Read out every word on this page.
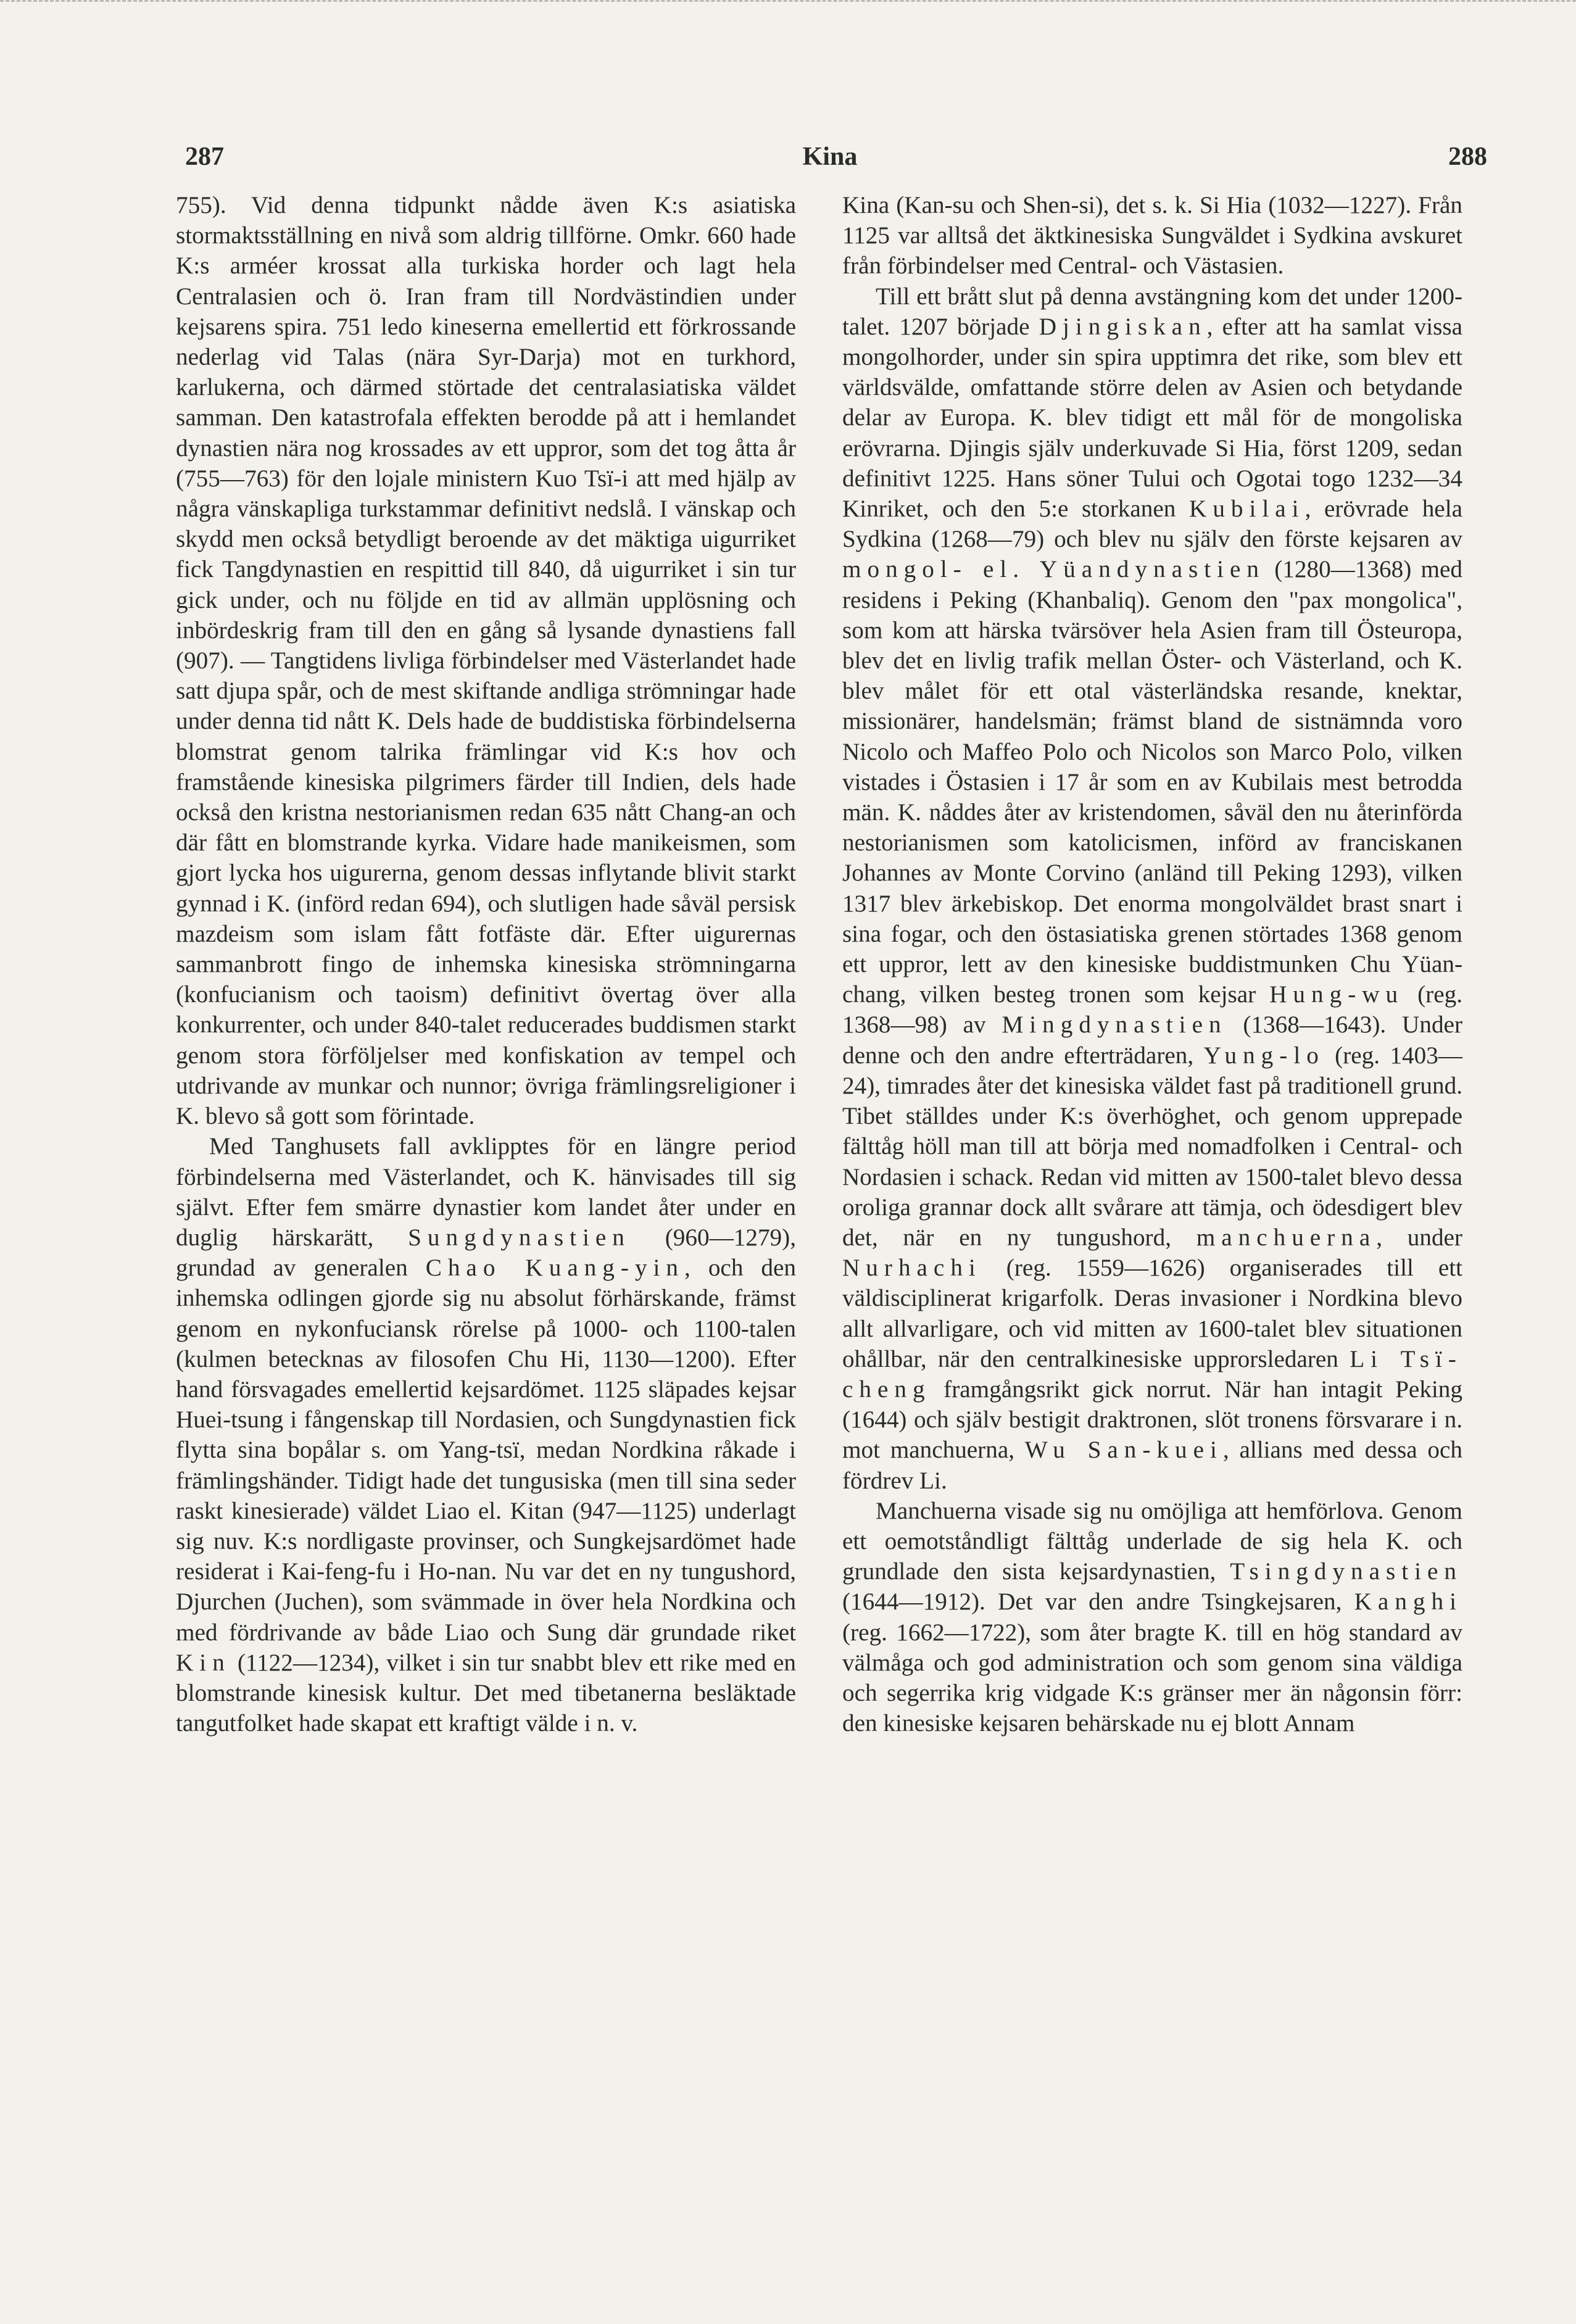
287	Kina	288

755). Vid denna tidpunkt nådde även K:s asiatiska stormaktsställning en nivå som aldrig tillförne. Omkr. 660 hade K:s arméer krossat alla turkiska horder och lagt hela Centralasien och ö. Iran fram till Nordvästindien under kejsarens spira. 751 ledo kineserna emellertid ett förkrossande nederlag vid Talas (nära Syr-Darja) mot en turkhord, karlukerna, och därmed störtade det centralasiatiska väldet samman. Den katastrofala effekten berodde på att i hemlandet dynastien nära nog krossades av ett uppror, som det tog åtta år (755—763) för den lojale ministern Kuo Tsï-i att med hjälp av några vänskapliga turkstammar definitivt nedslå. I vänskap och skydd men också betydligt beroende av det mäktiga uigurriket fick Tangdynastien en respittid till 840, då uigurriket i sin tur gick under, och nu följde en tid av allmän upplösning och inbördeskrig fram till den en gång så lysande dynastiens fall (907). — Tangtidens livliga förbindelser med Västerlandet hade satt djupa spår, och de mest skiftande andliga strömningar hade under denna tid nått K. Dels hade de buddistiska förbindelserna blomstrat genom talrika främlingar vid K:s hov och framstående kinesiska pilgrimers färder till Indien, dels hade också den kristna nestorianismen redan 635 nått Chang-an och där fått en blomstrande kyrka. Vidare hade manikeismen, som gjort lycka hos uigurerna, genom dessas inflytande blivit starkt gynnad i K. (införd redan 694), och slutligen hade såväl persisk mazdeism som islam fått fotfäste där. Efter uigurernas sammanbrott fingo de inhemska kinesiska strömningarna (konfucianism och taoism) definitivt övertag över alla konkurrenter, och under 840-talet reducerades buddismen starkt genom stora förföljelser med konfiskation av tempel och utdrivande av munkar och nunnor; övriga främlingsreligioner i K. blevo så gott som förintade.

Med Tanghusets fall avklipptes för en längre period förbindelserna med Västerlandet, och K. hänvisades till sig självt. Efter fem smärre dynastier kom landet åter under en duglig härskarätt, Sungdynastien (960—1279), grundad av generalen Chao Kuang-yin, och den inhemska odlingen gjorde sig nu absolut förhärskande, främst genom en nykonfuciansk rörelse på 1000- och 1100-talen (kulmen betecknas av filosofen Chu Hi, 1130—1200). Efter hand försvagades emellertid kejsardömet. 1125 släpades kejsar Huei-tsung i fångenskap till Nordasien, och Sungdynastien fick flytta sina bopålar s. om Yang-tsï, medan Nordkina råkade i främlingshänder. Tidigt hade det tungusiska (men till sina seder raskt kinesierade) väldet Liao el. Kitan (947—1125) underlagt sig nuv. K:s nordligaste provinser, och Sungkejsardömet hade residerat i Kai-feng-fu i Ho-nan. Nu var det en ny tungushord, Djurchen (Juchen), som svämmade in över hela Nordkina och med fördrivande av både Liao och Sung där grundade riket Kin (1122—1234), vilket i sin tur snabbt blev ett rike med en blomstrande kinesisk kultur. Det med tibetanerna besläktade tangutfolket hade skapat ett kraftigt välde i n. v.

Kina (Kan-su och Shen-si), det s. k. Si Hia (1032—1227). Från 1125 var alltså det äktkinesiska Sungväldet i Sydkina avskuret från förbindelser med Central- och Västasien.

Till ett brått slut på denna avstängning kom det under 1200-talet. 1207 började Djingiskan, efter att ha samlat vissa mongolhorder, under sin spira upptimra det rike, som blev ett världsvälde, omfattande större delen av Asien och betydande delar av Europa. K. blev tidigt ett mål för de mongoliska erövrarna. Djingis själv underkuvade Si Hia, först 1209, sedan definitivt 1225. Hans söner Tului och Ogotai togo 1232—34 Kinriket, och den 5:e storkanen Kubilai, erövrade hela Sydkina (1268—79) och blev nu själv den förste kejsaren av mongol- el. Yüandynastien (1280—1368) med residens i Peking (Khanbaliq). Genom den "pax mongolica", som kom att härska tvärsöver hela Asien fram till Östeuropa, blev det en livlig trafik mellan Öster- och Västerland, och K. blev målet för ett otal västerländska resande, knektar, missionärer, handelsmän; främst bland de sistnämnda voro Nicolo och Maffeo Polo och Nicolos son Marco Polo, vilken vistades i Östasien i 17 år som en av Kubilais mest betrodda män. K. nåddes åter av kristendomen, såväl den nu återinförda nestorianismen som katolicismen, införd av franciskanen Johannes av Monte Corvino (anländ till Peking 1293), vilken 1317 blev ärkebiskop. Det enorma mongolväldet brast snart i sina fogar, och den östasiatiska grenen störtades 1368 genom ett uppror, lett av den kinesiske buddistmunken Chu Yüan-chang, vilken besteg tronen som kejsar Hung-wu (reg. 1368—98) av Mingdynastien (1368—1643). Under denne och den andre efterträdaren, Yung-lo (reg. 1403—24), timrades åter det kinesiska väldet fast på traditionell grund. Tibet ställdes under K:s överhöghet, och genom upprepade fälttåg höll man till att börja med nomadfolken i Central- och Nordasien i schack. Redan vid mitten av 1500-talet blevo dessa oroliga grannar dock allt svårare att tämja, och ödesdigert blev det, när en ny tungushord, manchuerna, under Nurhachi (reg. 1559—1626) organiserades till ett väldisciplinerat krigarfolk. Deras invasioner i Nordkina blevo allt allvarligare, och vid mitten av 1600-talet blev situationen ohållbar, när den centralkinesiske upprorsledaren Li Tsï-cheng framgångsrikt gick norrut. När han intagit Peking (1644) och själv bestigit draktronen, slöt tronens försvarare i n. mot manchuerna, Wu San-kuei, allians med dessa och fördrev Li.

Manchuerna visade sig nu omöjliga att hemförlova. Genom ett oemotståndligt fälttåg underlade de sig hela K. och grundlade den sista kejsardynastien, Tsingdynastien (1644—1912). Det var den andre Tsingkejsaren, Kanghi (reg. 1662—1722), som åter bragte K. till en hög standard av välmåga och god administration och som genom sina väldiga och segerrika krig vidgade K:s gränser mer än någonsin förr: den kinesiske kejsaren behärskade nu ej blott Annam
